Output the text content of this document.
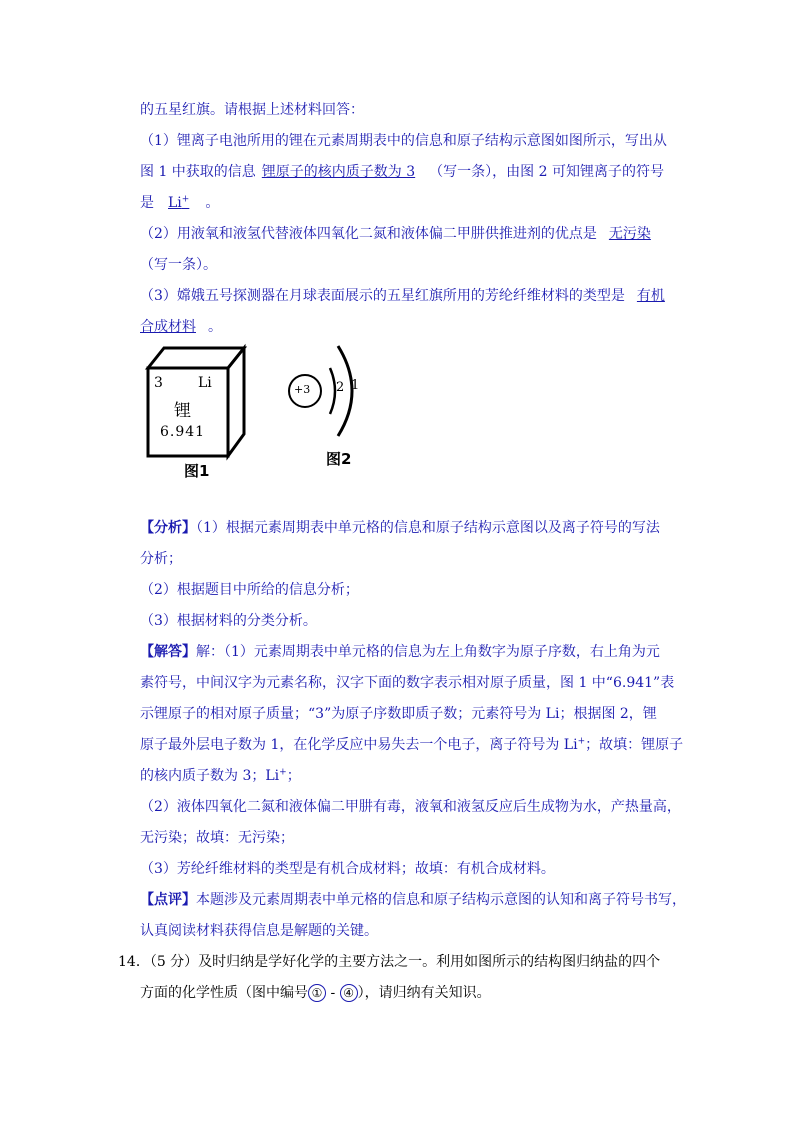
的五星红旗。请根据上述材料回答：
（1）锂离子电池所用的锂在元素周期表中的信息和原子结构示意图如图所示，写出从
图 1 中获取的信息 锂原子的核内质子数为 3 （写一条），由图 2 可知锂离子的符号
是 Li+ 。
（2）用液氧和液氢代替液体四氧化二氮和液体偏二甲肼供推进剂的优点是 无污染
（写一条）。
（3）嫦娥五号探测器在月球表面展示的五星红旗所用的芳纶纤维材料的类型是 有机
合成材料 。
3	Li
锂
6.941
图1
+3 2 1
图2
【分析】（1）根据元素周期表中单元格的信息和原子结构示意图以及离子符号的写法
分析；
（2）根据题目中所给的信息分析；
（3）根据材料的分类分析。
【解答】解：（1）元素周期表中单元格的信息为左上角数字为原子序数，右上角为元
素符号，中间汉字为元素名称，汉字下面的数字表示相对原子质量，图 1 中“6.941”表
示锂原子的相对原子质量；“3”为原子序数即质子数；元素符号为 Li；根据图 2，锂
原子最外层电子数为 1，在化学反应中易失去一个电子，离子符号为 Li+；故填：锂原子
的核内质子数为 3；Li+；
（2）液体四氧化二氮和液体偏二甲肼有毒，液氧和液氢反应后生成物为水，产热量高，
无污染；故填：无污染；
（3）芳纶纤维材料的类型是有机合成材料；故填：有机合成材料。
【点评】本题涉及元素周期表中单元格的信息和原子结构示意图的认知和离子符号书写，
认真阅读材料获得信息是解题的关键。
14．（5 分）及时归纳是学好化学的主要方法之一。利用如图所示的结构图归纳盐的四个
方面的化学性质（图中编号 ① - ④ ），请归纳有关知识。
